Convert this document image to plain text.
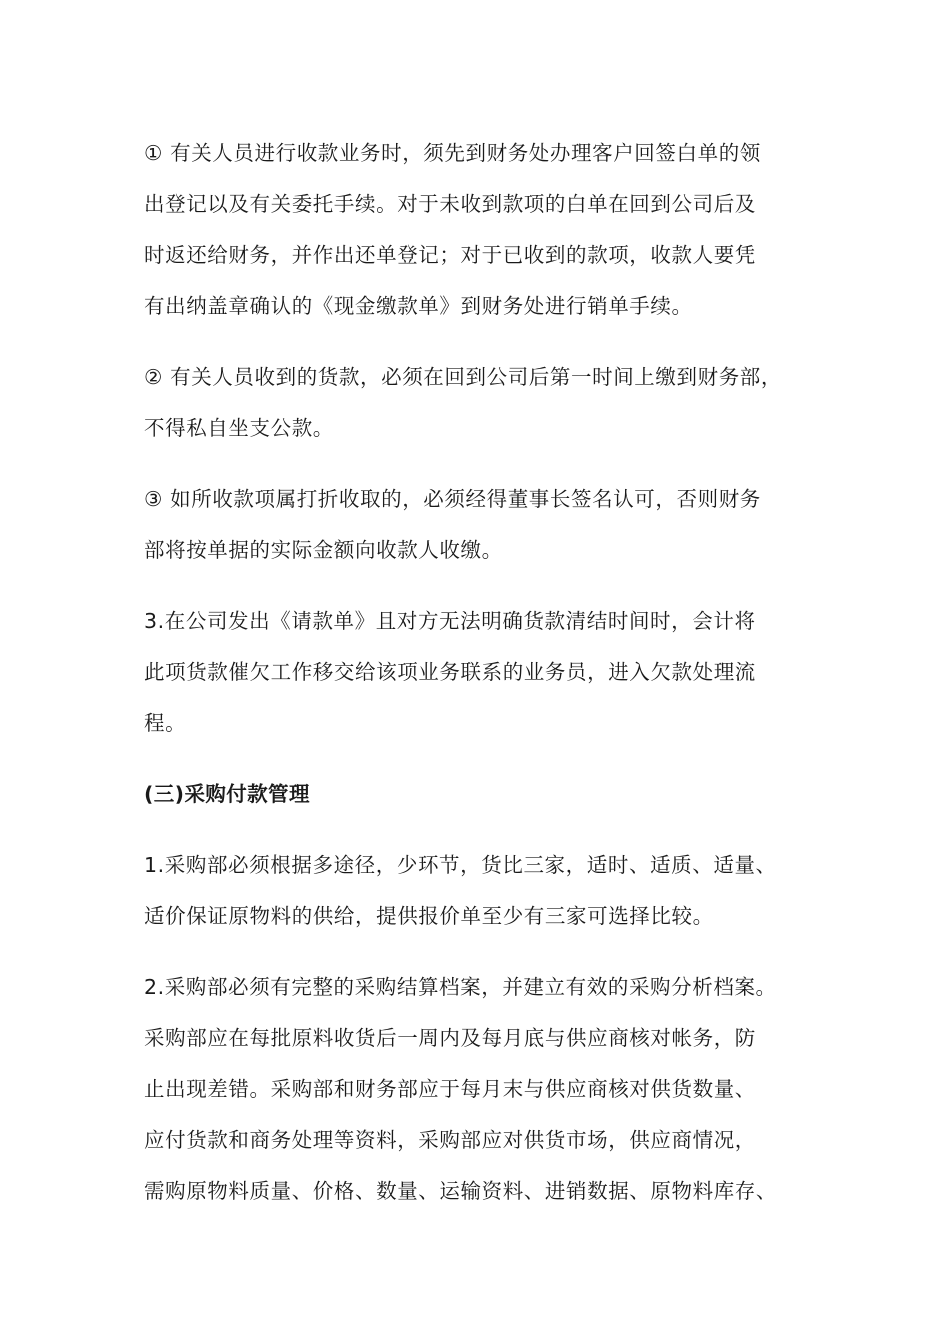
① 有关人员进行收款业务时，须先到财务处办理客户回签白单的领
出登记以及有关委托手续。对于未收到款项的白单在回到公司后及
时返还给财务，并作出还单登记；对于已收到的款项，收款人要凭
有出纳盖章确认的《现金缴款单》到财务处进行销单手续。

② 有关人员收到的货款，必须在回到公司后第一时间上缴到财务部，
不得私自坐支公款。

③ 如所收款项属打折收取的，必须经得董事长签名认可，否则财务
部将按单据的实际金额向收款人收缴。

3.在公司发出《请款单》且对方无法明确货款清结时间时，会计将
此项货款催欠工作移交给该项业务联系的业务员，进入欠款处理流
程。

(三)采购付款管理

1.采购部必须根据多途径，少环节，货比三家，适时、适质、适量、
适价保证原物料的供给，提供报价单至少有三家可选择比较。

2.采购部必须有完整的采购结算档案，并建立有效的采购分析档案。
采购部应在每批原料收货后一周内及每月底与供应商核对帐务，防
止出现差错。采购部和财务部应于每月末与供应商核对供货数量、
应付货款和商务处理等资料，采购部应对供货市场，供应商情况，
需购原物料质量、价格、数量、运输资料、进销数据、原物料库存、
